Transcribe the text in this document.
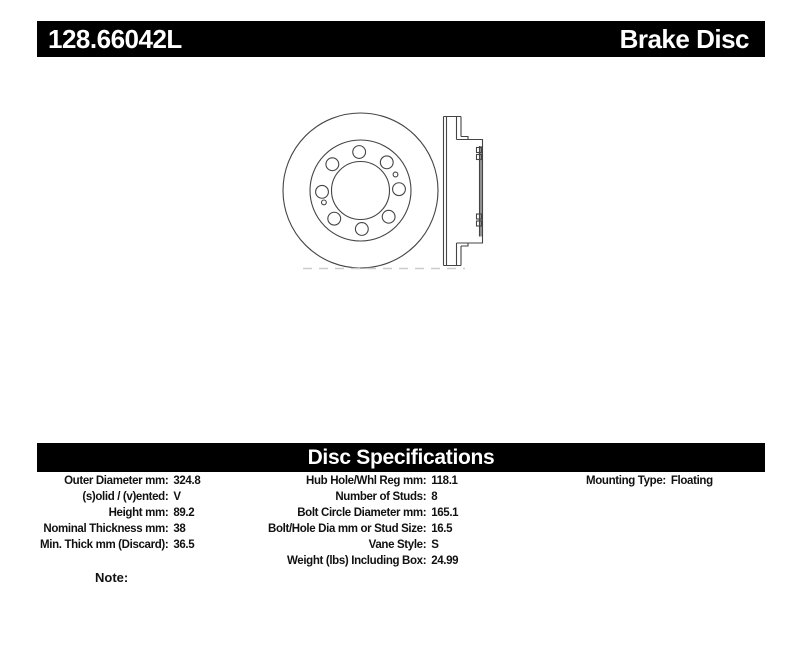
128.66042L	Brake Disc
Disc Specifications
Outer Diameter mm:	324.8
(s)olid / (v)ented:	V
Height mm:	89.2
Nominal Thickness mm:	38
Min. Thick mm (Discard):	36.5
Hub Hole/Whl Reg mm:	118.1
Number of Studs:	8
Bolt Circle Diameter mm:	165.1
Bolt/Hole Dia mm or Stud Size:	16.5
Vane Style:	S
Weight (lbs) Including Box:	24.99
Mounting Type:	Floating
Note:
